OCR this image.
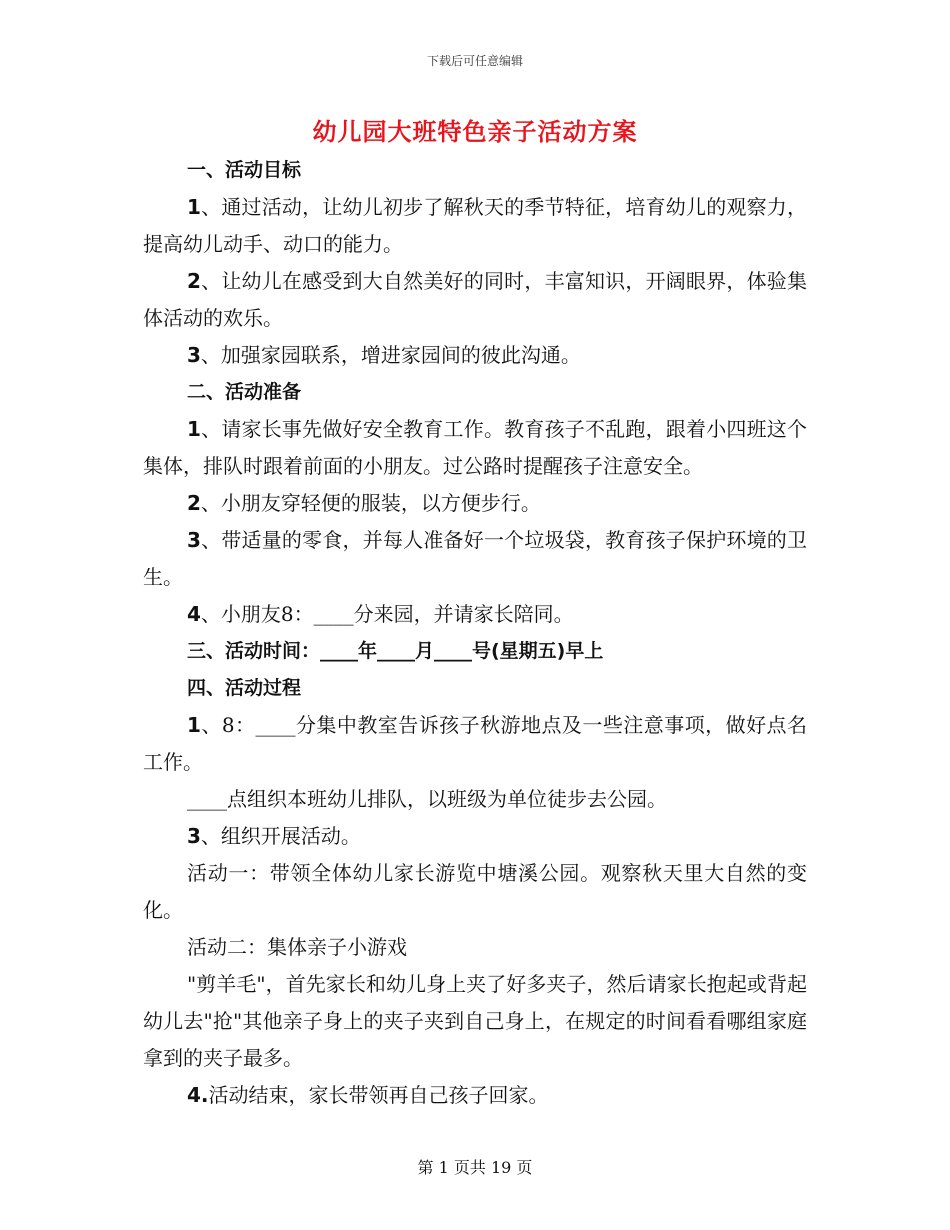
下载后可任意编辑
幼儿园大班特色亲子活动方案

一、活动目标

1、通过活动，让幼儿初步了解秋天的季节特征，培育幼儿的观察力，提高幼儿动手、动口的能力。

2、让幼儿在感受到大自然美好的同时，丰富知识，开阔眼界，体验集体活动的欢乐。

3、加强家园联系，增进家园间的彼此沟通。

二、活动准备

1、请家长事先做好安全教育工作。教育孩子不乱跑，跟着小四班这个集体，排队时跟着前面的小朋友。过公路时提醒孩子注意安全。

2、小朋友穿轻便的服装，以方便步行。

3、带适量的零食，并每人准备好一个垃圾袋，教育孩子保护环境的卫生。

4、小朋友8：____分来园，并请家长陪同。

三、活动时间：____年____月____号(星期五)早上

四、活动过程

1、8：____分集中教室告诉孩子秋游地点及一些注意事项，做好点名工作。

____点组织本班幼儿排队，以班级为单位徒步去公园。

3、组织开展活动。

活动一：带领全体幼儿家长游览中塘溪公园。观察秋天里大自然的变化。

活动二：集体亲子小游戏

"剪羊毛"，首先家长和幼儿身上夹了好多夹子，然后请家长抱起或背起幼儿去"抢"其他亲子身上的夹子夹到自己身上，在规定的时间看看哪组家庭拿到的夹子最多。

4.活动结束，家长带领再自己孩子回家。

第 1 页共 19 页
